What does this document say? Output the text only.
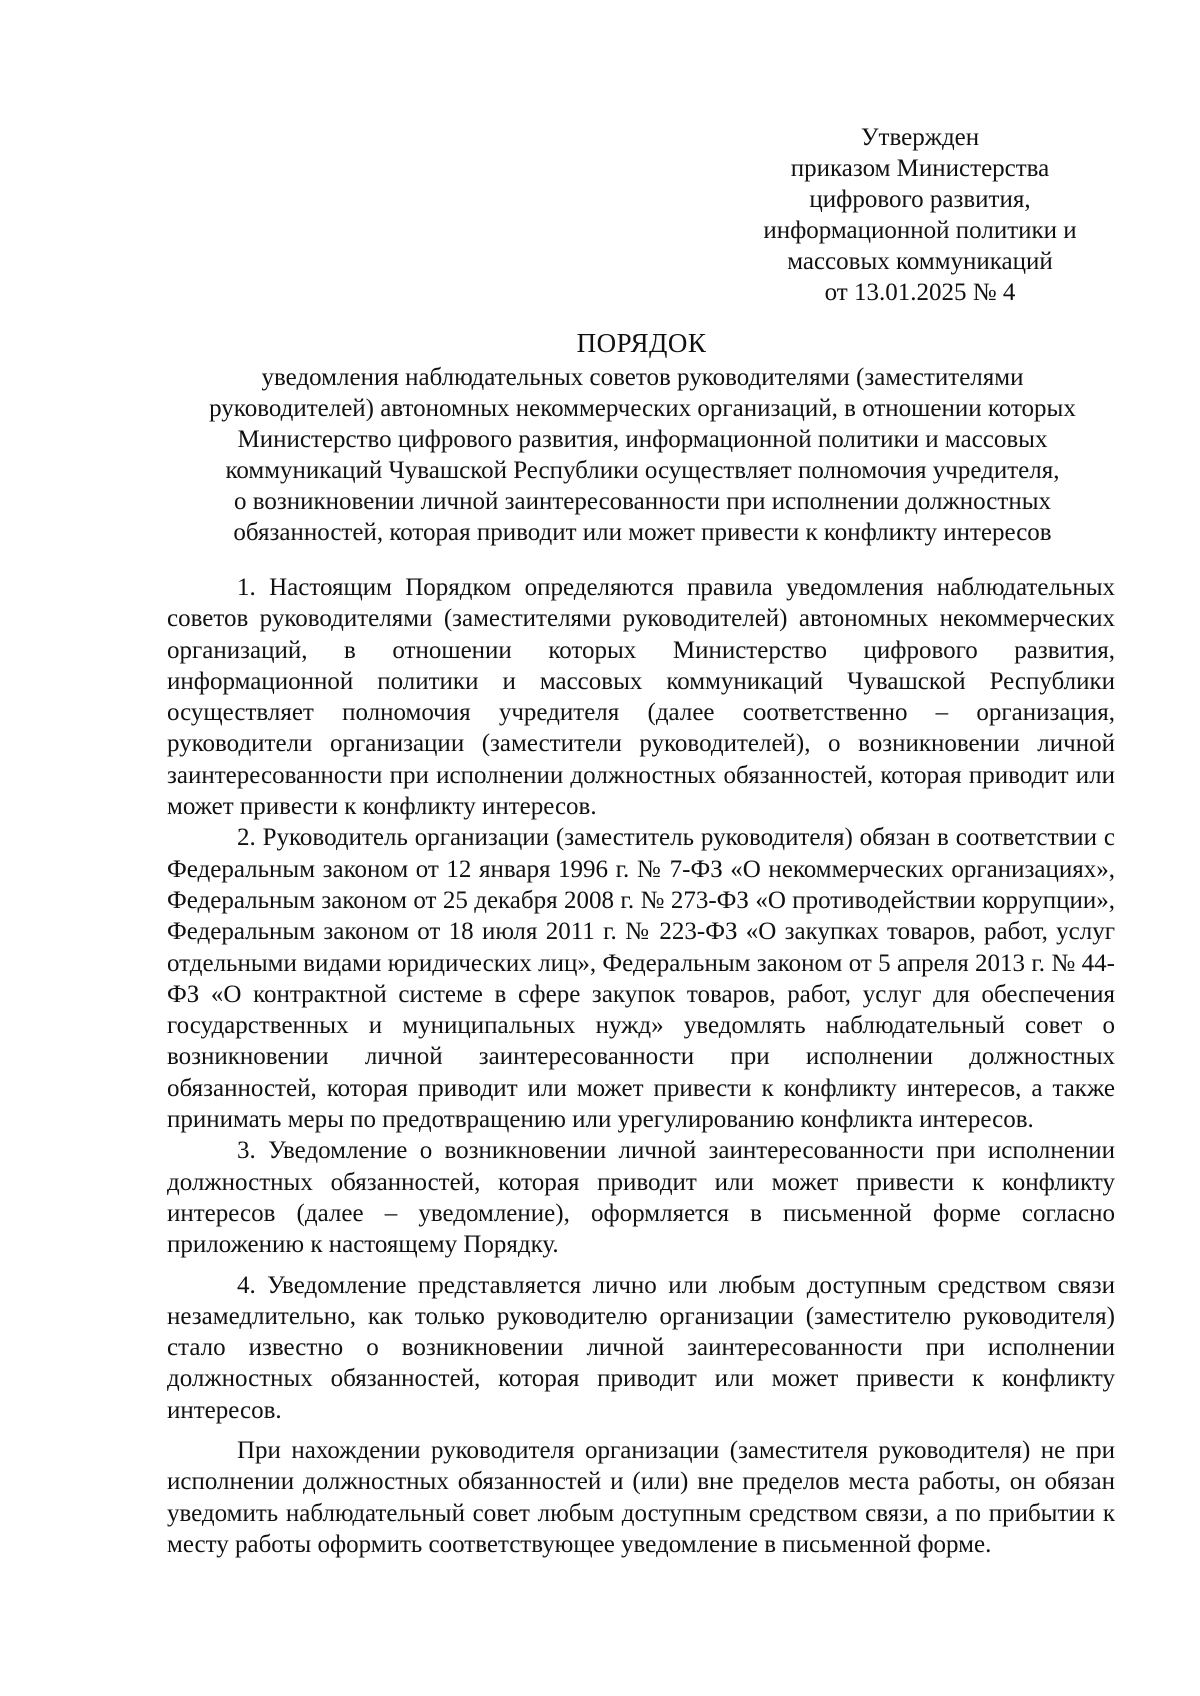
Утвержден
приказом Министерства
цифрового развития,
информационной политики и
массовых коммуникаций
от 13.01.2025 № 4
ПОРЯДОК
уведомления наблюдательных советов руководителями (заместителями
руководителей) автономных некоммерческих организаций, в отношении которых
Министерство цифрового развития, информационной политики и массовых
коммуникаций Чувашской Республики осуществляет полномочия учредителя,
о возникновении личной заинтересованности при исполнении должностных
обязанностей, которая приводит или может привести к конфликту интересов

1. Настоящим Порядком определяются правила уведомления наблюдательных советов руководителями (заместителями руководителей) автономных некоммерческих организаций, в отношении которых Министерство цифрового развития, информационной политики и массовых коммуникаций Чувашской Республики осуществляет полномочия учредителя (далее соответственно – организация, руководители организации (заместители руководителей), о возникновении личной заинтересованности при исполнении должностных обязанностей, которая приводит или может привести к конфликту интересов.

2. Руководитель организации (заместитель руководителя) обязан в соответствии с Федеральным законом от 12 января 1996 г. № 7-ФЗ «О некоммерческих организациях», Федеральным законом от 25 декабря 2008 г. № 273-ФЗ «О противодействии коррупции», Федеральным законом от 18 июля 2011 г. № 223-ФЗ «О закупках товаров, работ, услуг отдельными видами юридических лиц», Федеральным законом от 5 апреля 2013 г. № 44-ФЗ «О контрактной системе в сфере закупок товаров, работ, услуг для обеспечения государственных и муниципальных нужд» уведомлять наблюдательный совет о возникновении личной заинтересованности при исполнении должностных обязанностей, которая приводит или может привести к конфликту интересов, а также принимать меры по предотвращению или урегулированию конфликта интересов.

3. Уведомление о возникновении личной заинтересованности при исполнении должностных обязанностей, которая приводит или может привести к конфликту интересов (далее – уведомление), оформляется в письменной форме согласно приложению к настоящему Порядку.

4. Уведомление представляется лично или любым доступным средством связи незамедлительно, как только руководителю организации (заместителю руководителя) стало известно о возникновении личной заинтересованности при исполнении должностных обязанностей, которая приводит или может привести к конфликту интересов.

При нахождении руководителя организации (заместителя руководителя) не при исполнении должностных обязанностей и (или) вне пределов места работы, он обязан уведомить наблюдательный совет любым доступным средством связи, а по прибытии к месту работы оформить соответствующее уведомление в письменной форме.
